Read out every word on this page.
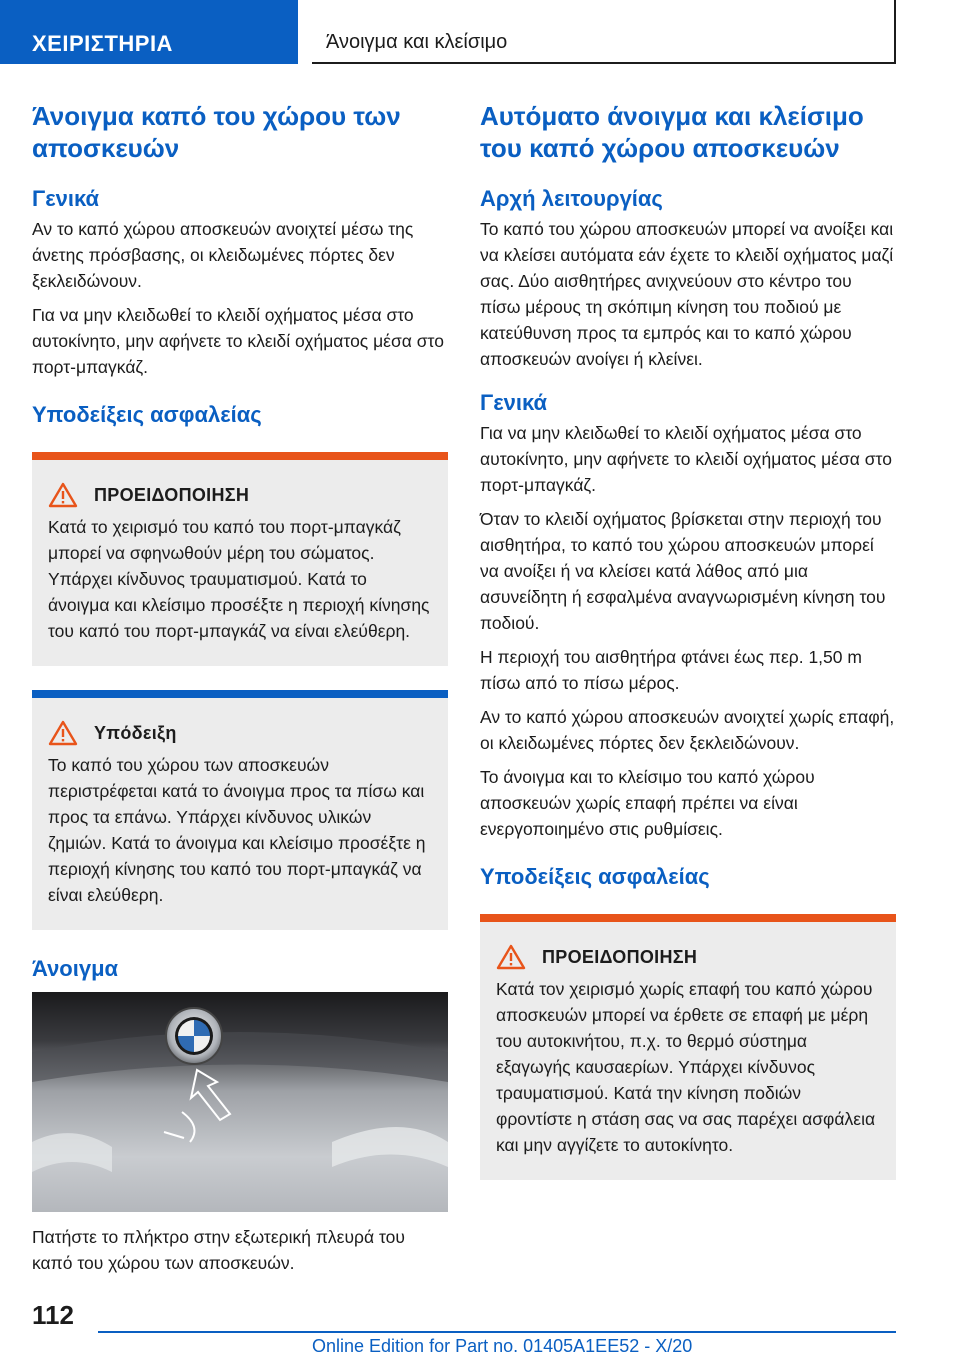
ΧΕΙΡΙΣΤΗΡΙΑ	Άνοιγμα και κλείσιμο
Άνοιγμα καπό του χώρου των αποσκευών
Γενικά

Αν το καπό χώρου αποσκευών ανοιχτεί μέσω της άνετης πρόσβασης, οι κλειδωμένες πόρτες δεν ξεκλειδώνουν.

Για να μην κλειδωθεί το κλειδί οχήματος μέσα στο αυτοκίνητο, μην αφήνετε το κλειδί οχήματος μέσα στο πορτ-μπαγκάζ.

Υποδείξεις ασφαλείας
ΠΡΟΕΙΔΟΠΟΙΗΣΗ

Κατά το χειρισμό του καπό του πορτ-μπαγκάζ μπορεί να σφηνωθούν μέρη του σώματος. Υπάρχει κίνδυνος τραυματισμού. Κατά το άνοιγμα και κλείσιμο προσέξτε η περιοχή κίνησης του καπό του πορτ-μπαγκάζ να είναι ελεύθερη.

Υπόδειξη

Το καπό του χώρου των αποσκευών περιστρέφεται κατά το άνοιγμα προς τα πίσω και προς τα επάνω. Υπάρχει κίνδυνος υλικών ζημιών. Κατά το άνοιγμα και κλείσιμο προσέξτε η περιοχή κίνησης του καπό του πορτ-μπαγκάζ να είναι ελεύθερη.

Άνοιγμα

Πατήστε το πλήκτρο στην εξωτερική πλευρά του καπό του χώρου των αποσκευών.

Αυτόματο άνοιγμα και κλείσιμο του καπό χώρου αποσκευών
Αρχή λειτουργίας

Το καπό του χώρου αποσκευών μπορεί να ανοίξει και να κλείσει αυτόματα εάν έχετε το κλειδί οχήματος μαζί σας. Δύο αισθητήρες ανιχνεύουν στο κέντρο του πίσω μέρους τη σκόπιμη κίνηση του ποδιού με κατεύθυνση προς τα εμπρός και το καπό χώρου αποσκευών ανοίγει ή κλείνει.

Γενικά

Για να μην κλειδωθεί το κλειδί οχήματος μέσα στο αυτοκίνητο, μην αφήνετε το κλειδί οχήματος μέσα στο πορτ-μπαγκάζ.

Όταν το κλειδί οχήματος βρίσκεται στην περιοχή του αισθητήρα, το καπό του χώρου αποσκευών μπορεί να ανοίξει ή να κλείσει κατά λάθος από μια ασυνείδητη ή εσφαλμένα αναγνωρισμένη κίνηση του ποδιού.

Η περιοχή του αισθητήρα φτάνει έως περ. 1,50 m πίσω από το πίσω μέρος.

Αν το καπό χώρου αποσκευών ανοιχτεί χωρίς επαφή, οι κλειδωμένες πόρτες δεν ξεκλειδώνουν.

Το άνοιγμα και το κλείσιμο του καπό χώρου αποσκευών χωρίς επαφή πρέπει να είναι ενεργοποιημένο στις ρυθμίσεις.

Υποδείξεις ασφαλείας
ΠΡΟΕΙΔΟΠΟΙΗΣΗ

Κατά τον χειρισμό χωρίς επαφή του καπό χώρου αποσκευών μπορεί να έρθετε σε επαφή με μέρη του αυτοκινήτου, π.χ. το θερμό σύστημα εξαγωγής καυσαερίων. Υπάρχει κίνδυνος τραυματισμού. Κατά την κίνηση ποδιών φροντίστε η στάση σας να σας παρέχει ασφάλεια και μην αγγίζετε το αυτοκίνητο.

112
Online Edition for Part no. 01405A1EE52 - X/20
